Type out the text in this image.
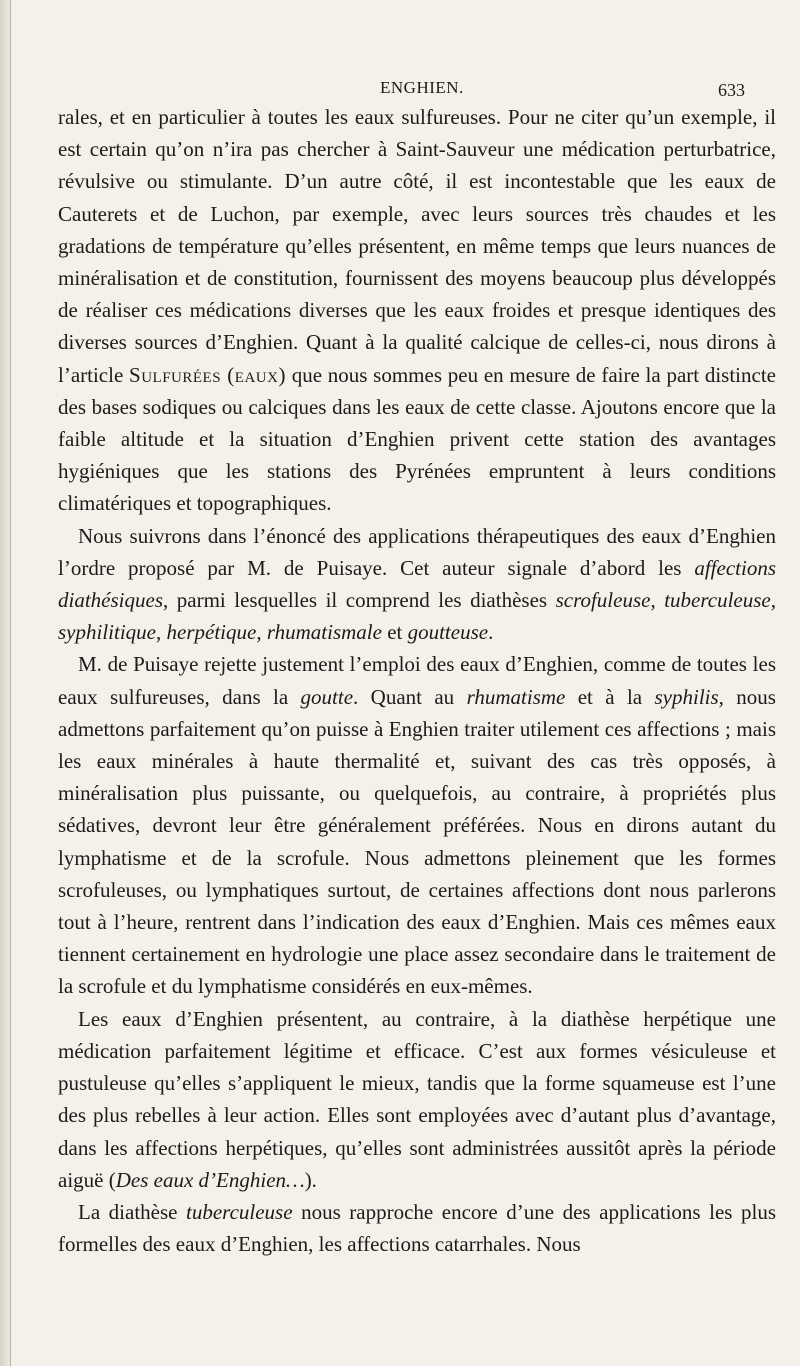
ENGHIEN.	633

rales, et en particulier à toutes les eaux sulfureuses. Pour ne citer qu’un exemple, il est certain qu’on n’ira pas chercher à Saint-Sauveur une médication perturbatrice, révulsive ou stimulante. D’un autre côté, il est incontestable que les eaux de Cauterets et de Luchon, par exemple, avec leurs sources très chaudes et les gradations de température qu’elles présentent, en même temps que leurs nuances de minéralisation et de constitution, fournissent des moyens beaucoup plus développés de réaliser ces médications diverses que les eaux froides et presque identiques des diverses sources d’Enghien. Quant à la qualité calcique de celles-ci, nous dirons à l’article Sulfurées (eaux) que nous sommes peu en mesure de faire la part distincte des bases sodiques ou calciques dans les eaux de cette classe. Ajoutons encore que la faible altitude et la situation d’Enghien privent cette station des avantages hygiéniques que les stations des Pyrénées empruntent à leurs conditions climatériques et topographiques.

Nous suivrons dans l’énoncé des applications thérapeutiques des eaux d’Enghien l’ordre proposé par M. de Puisaye. Cet auteur signale d’abord les affections diathésiques, parmi lesquelles il comprend les diathèses scrofuleuse, tuberculeuse, syphilitique, herpétique, rhumatismale et goutteuse.

M. de Puisaye rejette justement l’emploi des eaux d’Enghien, comme de toutes les eaux sulfureuses, dans la goutte. Quant au rhumatisme et à la syphilis, nous admettons parfaitement qu’on puisse à Enghien traiter utilement ces affections ; mais les eaux minérales à haute thermalité et, suivant des cas très opposés, à minéralisation plus puissante, ou quelquefois, au contraire, à propriétés plus sédatives, devront leur être généralement préférées. Nous en dirons autant du lymphatisme et de la scrofule. Nous admettons pleinement que les formes scrofuleuses, ou lymphatiques surtout, de certaines affections dont nous parlerons tout à l’heure, rentrent dans l’indication des eaux d’Enghien. Mais ces mêmes eaux tiennent certainement en hydrologie une place assez secondaire dans le traitement de la scrofule et du lymphatisme considérés en eux-mêmes.

Les eaux d’Enghien présentent, au contraire, à la diathèse herpétique une médication parfaitement légitime et efficace. C’est aux formes vésiculeuse et pustuleuse qu’elles s’appliquent le mieux, tandis que la forme squameuse est l’une des plus rebelles à leur action. Elles sont employées avec d’autant plus d’avantage, dans les affections herpétiques, qu’elles sont administrées aussitôt après la période aiguë (Des eaux d’Enghien…).

La diathèse tuberculeuse nous rapproche encore d’une des applications les plus formelles des eaux d’Enghien, les affections catarrhales. Nous
